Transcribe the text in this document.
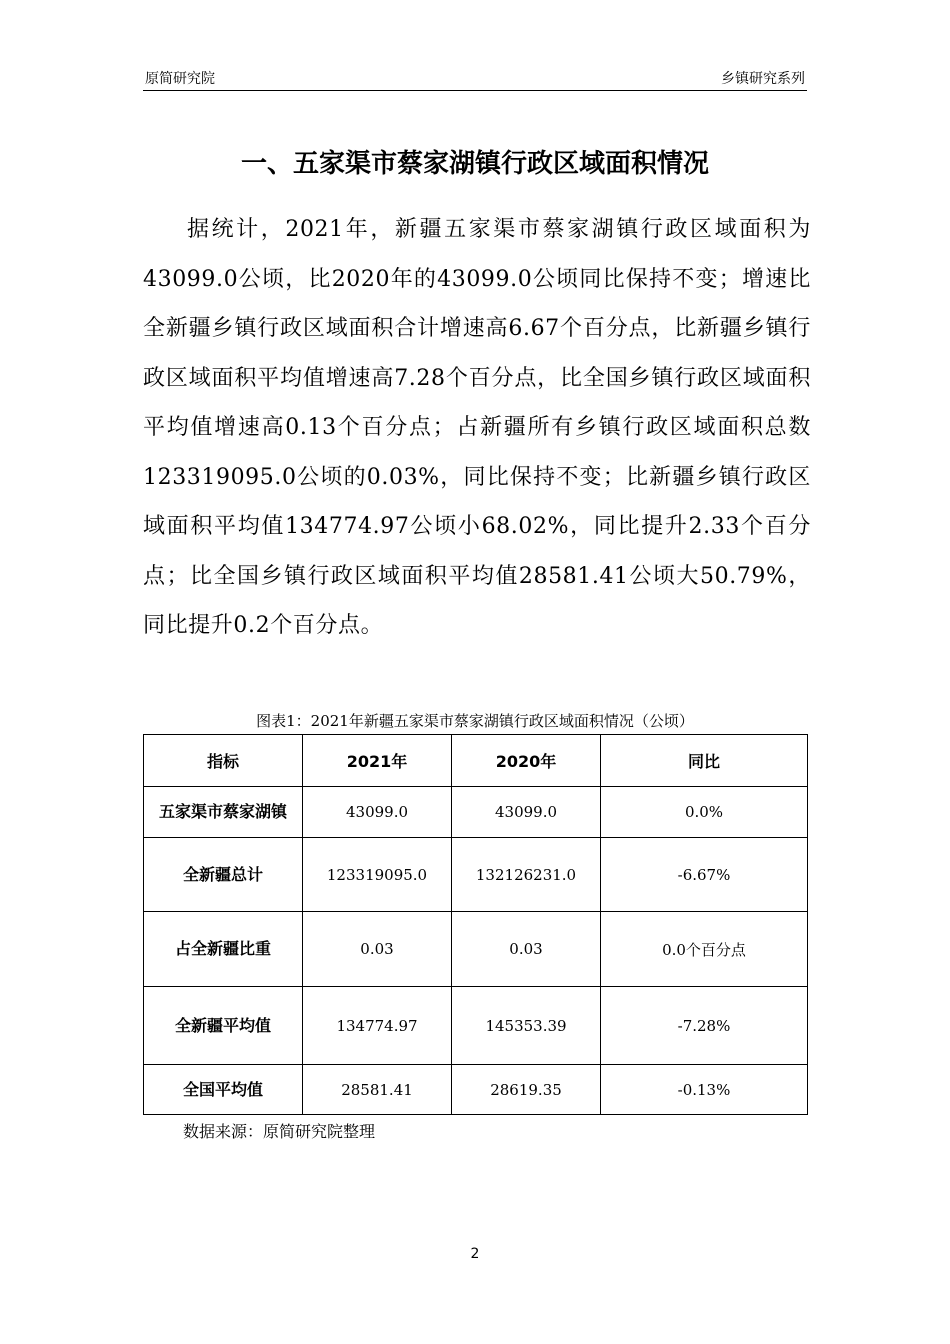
原简研究院	乡镇研究系列
一、五家渠市蔡家湖镇行政区域面积情况
据统计，2021年，新疆五家渠市蔡家湖镇行政区域面积为43099.0公顷，比2020年的43099.0公顷同比保持不变；增速比全新疆乡镇行政区域面积合计增速高6.67个百分点，比新疆乡镇行政区域面积平均值增速高7.28个百分点，比全国乡镇行政区域面积平均值增速高0.13个百分点；占新疆所有乡镇行政区域面积总数123319095.0公顷的0.03%，同比保持不变；比新疆乡镇行政区域面积平均值134774.97公顷小68.02%，同比提升2.33个百分点；比全国乡镇行政区域面积平均值28581.41公顷大50.79%，同比提升0.2个百分点。
图表1：2021年新疆五家渠市蔡家湖镇行政区域面积情况（公顷）
指标	2021年	2020年	同比
五家渠市蔡家湖镇	43099.0	43099.0	0.0%
全新疆总计	123319095.0	132126231.0	-6.67%
占全新疆比重	0.03	0.03	0.0个百分点
全新疆平均值	134774.97	145353.39	-7.28%
全国平均值	28581.41	28619.35	-0.13%
数据来源：原简研究院整理
2
